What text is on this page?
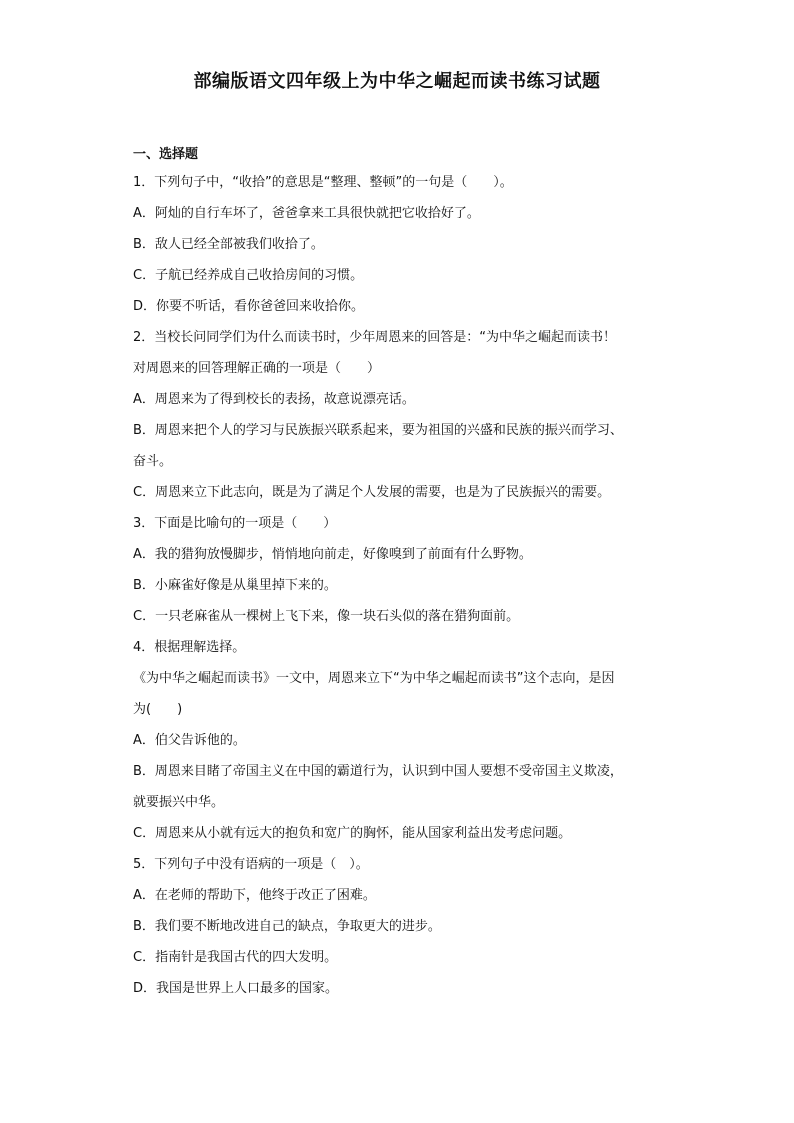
部编版语文四年级上为中华之崛起而读书练习试题
一、选择题
1．下列句子中，“收拾”的意思是“整理、整顿”的一句是（　　）。
A．阿灿的自行车坏了，爸爸拿来工具很快就把它收拾好了。
B．敌人已经全部被我们收拾了。
C．子航已经养成自己收拾房间的习惯。
D．你要不听话，看你爸爸回来收拾你。
2．当校长问同学们为什么而读书时，少年周恩来的回答是：“为中华之崛起而读书！
对周恩来的回答理解正确的一项是（　　）
A．周恩来为了得到校长的表扬，故意说漂亮话。
B．周恩来把个人的学习与民族振兴联系起来，要为祖国的兴盛和民族的振兴而学习、
奋斗。
C．周恩来立下此志向，既是为了满足个人发展的需要，也是为了民族振兴的需要。
3．下面是比喻句的一项是（　　）
A．我的猎狗放慢脚步，悄悄地向前走，好像嗅到了前面有什么野物。
B．小麻雀好像是从巢里掉下来的。
C．一只老麻雀从一棵树上飞下来，像一块石头似的落在猎狗面前。
4．根据理解选择。
《为中华之崛起而读书》一文中，周恩来立下“为中华之崛起而读书”这个志向，是因
为(　　)
A．伯父告诉他的。
B．周恩来目睹了帝国主义在中国的霸道行为，认识到中国人要想不受帝国主义欺凌，
就要振兴中华。
C．周恩来从小就有远大的抱负和宽广的胸怀，能从国家利益出发考虑问题。
5．下列句子中没有语病的一项是（　）。
A．在老师的帮助下，他终于改正了困难。
B．我们要不断地改进自己的缺点，争取更大的进步。
C．指南针是我国古代的四大发明。
D．我国是世界上人口最多的国家。
